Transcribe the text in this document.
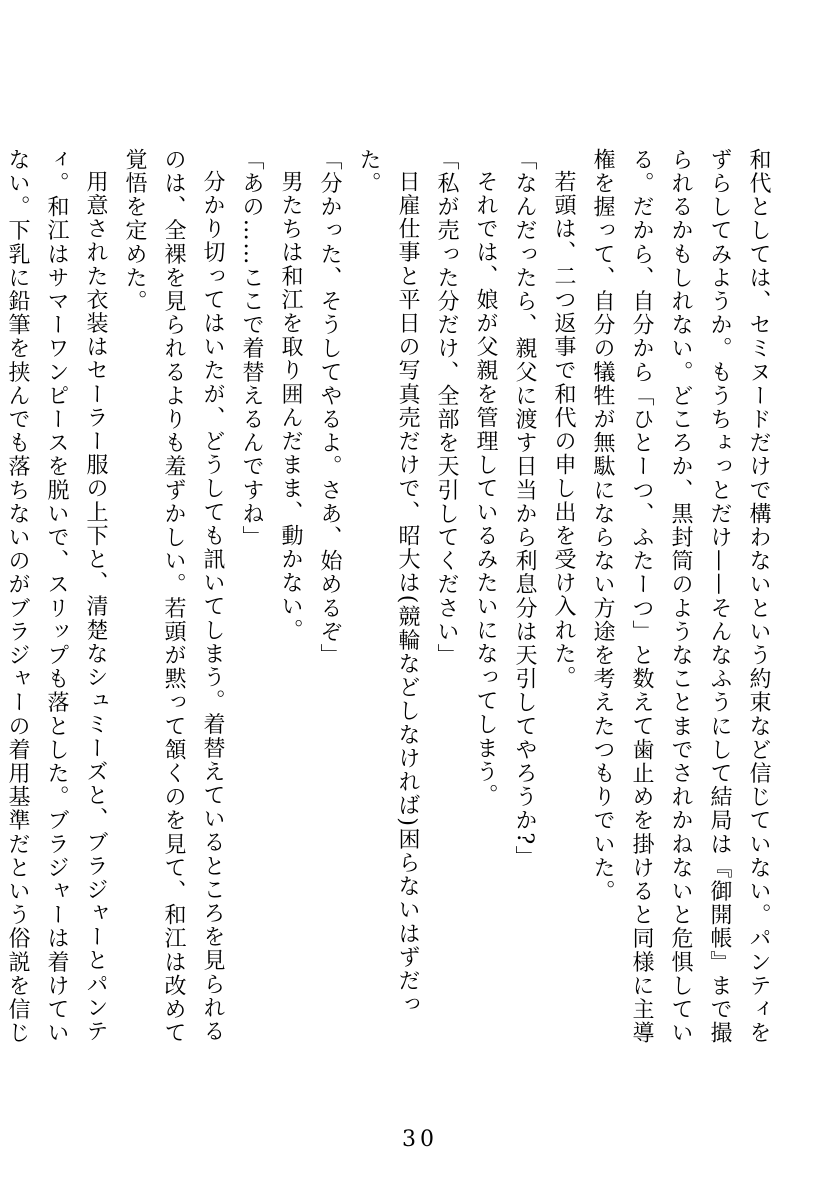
和代としては、セミヌードだけで構わないという約束など信じていない。パンティをずらしてみようか。もうちょっとだけ——そんなふうにして結局は『御開帳』まで撮られるかもしれない。どころか、黒封筒のようなことまでされかねないと危惧している。だから、自分から「ひとーつ、ふたーつ」と数えて歯止めを掛けると同様に主導権を握って、自分の犠牲が無駄にならない方途を考えたつもりでいた。

若頭は、二つ返事で和代の申し出を受け入れた。

「なんだったら、親父に渡す日当から利息分は天引してやろうか?」

それでは、娘が父親を管理しているみたいになってしまう。

「私が売った分だけ、全部を天引してください」

日雇仕事と平日の写真売だけで、昭大は(競輪などしなければ)困らないはずだった。

「分かった、そうしてやるよ。さあ、始めるぞ」

男たちは和江を取り囲んだまま、動かない。

「あの……ここで着替えるんですね」

分かり切ってはいたが、どうしても訊いてしまう。着替えているところを見られるのは、全裸を見られるよりも羞ずかしい。若頭が黙って頷くのを見て、和江は改めて覚悟を定めた。

用意された衣装はセーラー服の上下と、清楚なシュミーズと、ブラジャーとパンティ。和江はサマーワンピースを脱いで、スリップも落とした。ブラジャーは着けていない。下乳に鉛筆を挟んでも落ちないのがブラジャーの着用基準だという俗説を信じ

30
